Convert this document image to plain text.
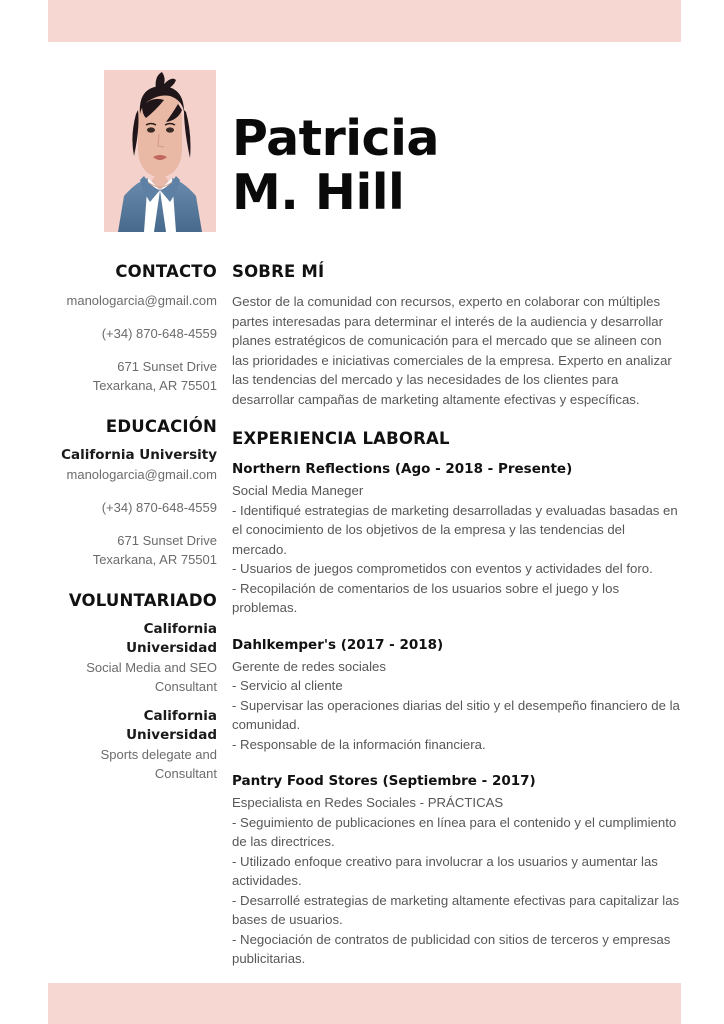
Patricia
M. Hill
CONTACTO
manologarcia@gmail.com
(+34) 870-648-4559
671 Sunset Drive
Texarkana, AR 75501
EDUCACIÓN
California University
manologarcia@gmail.com
(+34) 870-648-4559
671 Sunset Drive
Texarkana, AR 75501
VOLUNTARIADO
California Universidad
Social Media and SEO
Consultant
California Universidad
Sports delegate and
Consultant
SOBRE MÍ
Gestor de la comunidad con recursos, experto en colaborar con múltiples partes interesadas para determinar el interés de la audiencia y desarrollar planes estratégicos de comunicación para el mercado que se alineen con las prioridades e iniciativas comerciales de la empresa. Experto en analizar las tendencias del mercado y las necesidades de los clientes para desarrollar campañas de marketing altamente efectivas y específicas.
EXPERIENCIA LABORAL
Northern Reflections (Ago - 2018 - Presente)
Social Media Maneger
- Identifiqué estrategias de marketing desarrolladas y evaluadas basadas en el conocimiento de los objetivos de la empresa y las tendencias del mercado.
- Usuarios de juegos comprometidos con eventos y actividades del foro.
- Recopilación de comentarios de los usuarios sobre el juego y los problemas.
Dahlkemper's (2017 - 2018)
Gerente de redes sociales
- Servicio al cliente
- Supervisar las operaciones diarias del sitio y el desempeño financiero de la comunidad.
- Responsable de la información financiera.
Pantry Food Stores (Septiembre - 2017)
Especialista en Redes Sociales - PRÁCTICAS
- Seguimiento de publicaciones en línea para el contenido y el cumplimiento de las directrices.
- Utilizado enfoque creativo para involucrar a los usuarios y aumentar las actividades.
- Desarrollé estrategias de marketing altamente efectivas para capitalizar las bases de usuarios.
- Negociación de contratos de publicidad con sitios de terceros y empresas publicitarias.
